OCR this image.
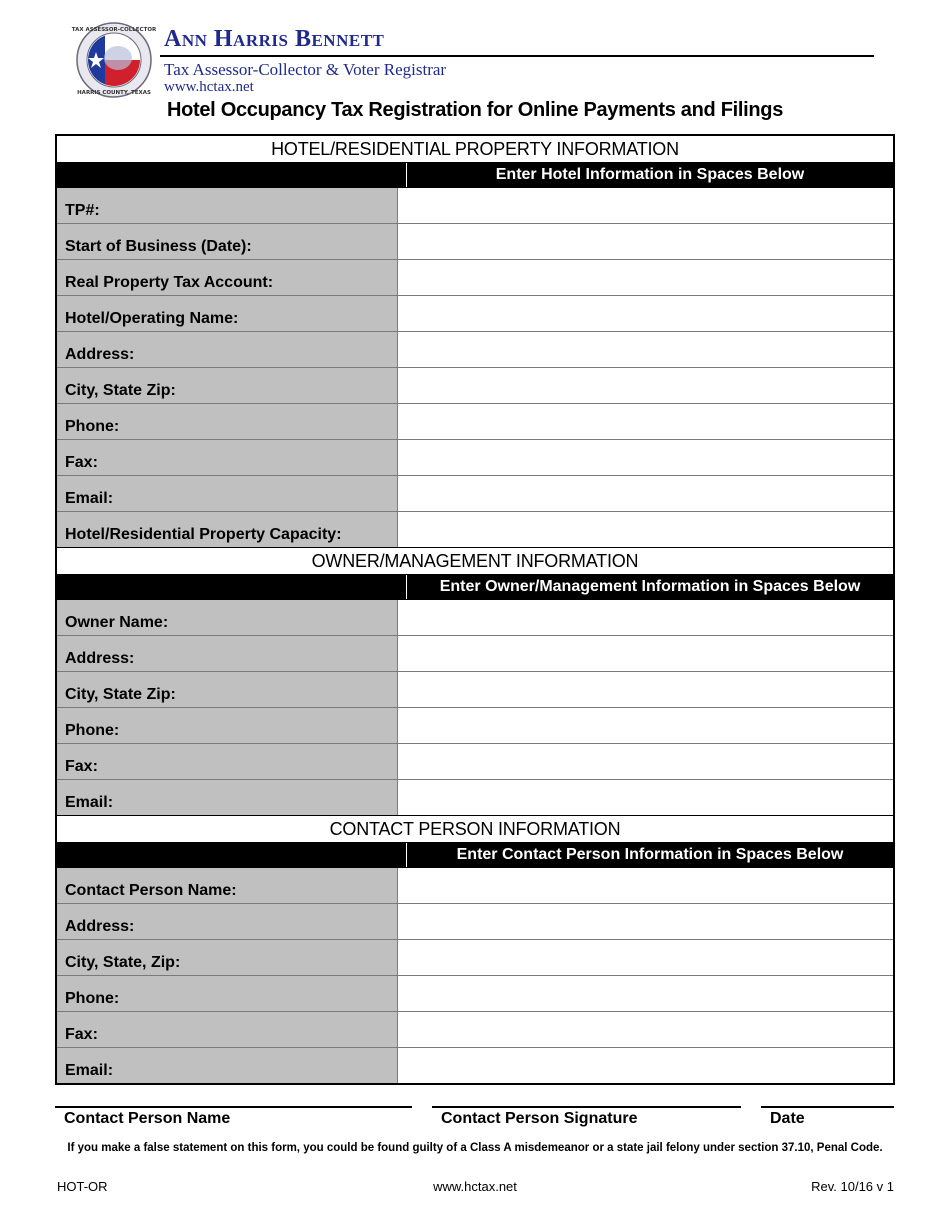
TAX ASSESSOR-COLLECTOR
HARRIS COUNTY, TEXAS
Ann Harris Bennett
Tax Assessor-Collector & Voter Registrar
www.hctax.net
Hotel Occupancy Tax Registration for Online Payments and Filings
HOTEL/RESIDENTIAL PROPERTY INFORMATION
Enter Hotel Information in Spaces Below
TP#:
Start of Business (Date):
Real Property Tax Account:
Hotel/Operating Name:
Address:
City, State Zip:
Phone:
Fax:
Email:
Hotel/Residential Property Capacity:
OWNER/MANAGEMENT INFORMATION
Enter Owner/Management Information in Spaces Below
Owner Name:
Address:
City, State Zip:
Phone:
Fax:
Email:
CONTACT PERSON INFORMATION
Enter Contact Person Information in Spaces Below
Contact Person Name:
Address:
City, State, Zip:
Phone:
Fax:
Email:
Contact Person Name	Contact Person Signature	Date
If you make a false statement on this form, you could be found guilty of a Class A misdemeanor or a state jail felony under section 37.10, Penal Code.
HOT-OR	www.hctax.net	Rev. 10/16 v 1
